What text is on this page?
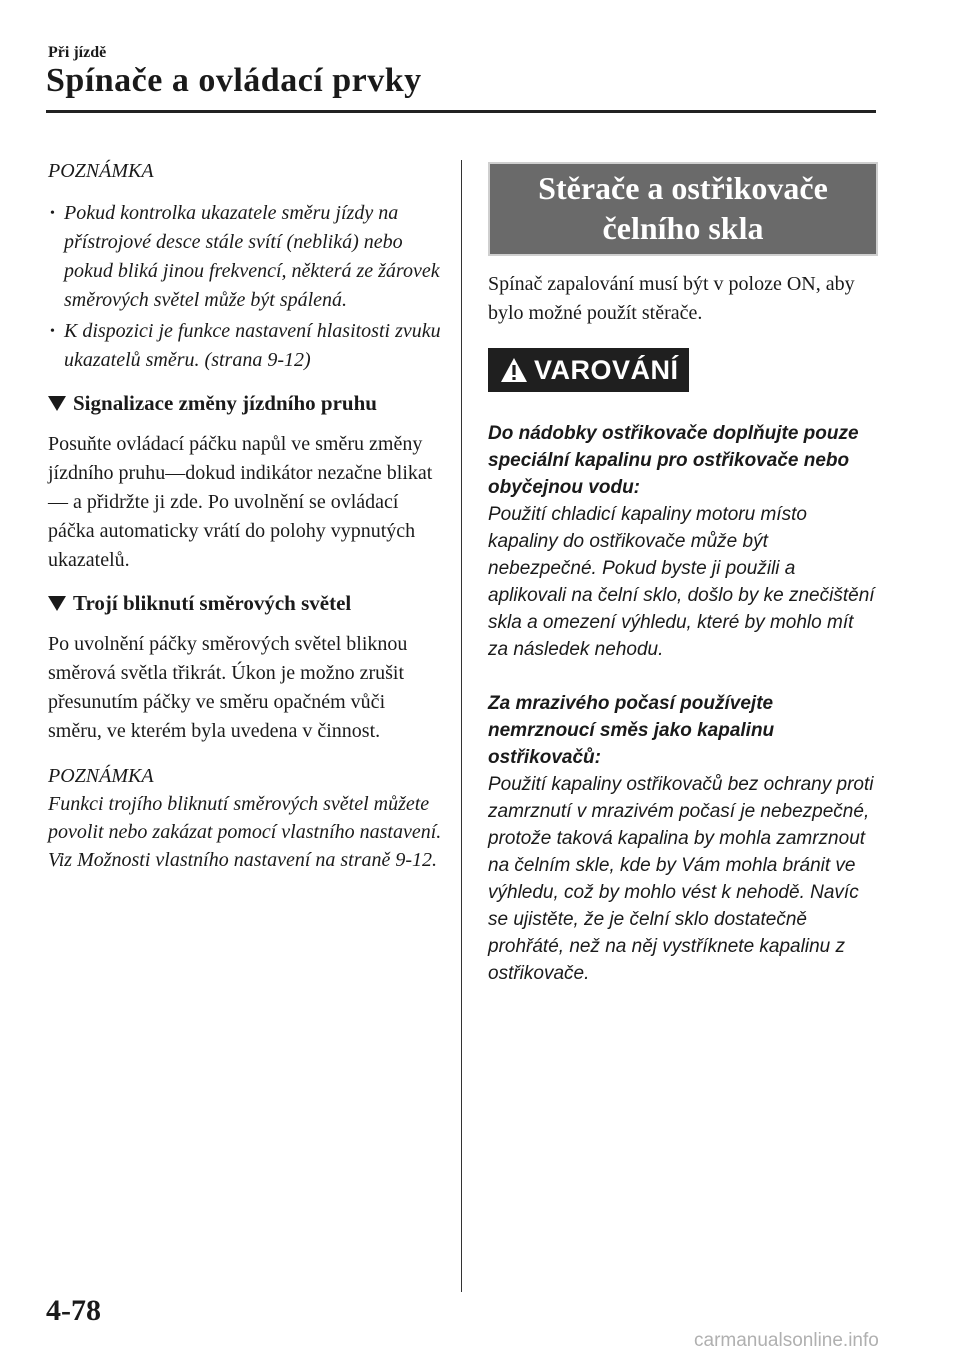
Při jízdě
Spínače a ovládací prvky
POZNÁMKA
• Pokud kontrolka ukazatele směru jízdy na přístrojové desce stále svítí (nebliká) nebo pokud bliká jinou frekvencí, některá ze žárovek směrových světel může být spálená.
• K dispozici je funkce nastavení hlasitosti zvuku ukazatelů směru. (strana 9-12)
Signalizace změny jízdního pruhu

Posuňte ovládací páčku napůl ve směru změny jízdního pruhu—dokud indikátor nezačne blikat— a přidržte ji zde. Po uvolnění se ovládací páčka automaticky vrátí do polohy vypnutých ukazatelů.

Trojí bliknutí směrových světel

Po uvolnění páčky směrových světel bliknou směrová světla třikrát. Úkon je možno zrušit přesunutím páčky ve směru opačném vůči směru, ve kterém byla uvedena v činnost.

POZNÁMKA

Funkci trojího bliknutí směrových světel můžete povolit nebo zakázat pomocí vlastního nastavení.

Viz Možnosti vlastního nastavení na straně 9-12.

Stěrače a ostřikovače
čelního skla

Spínač zapalování musí být v poloze ON, aby bylo možné použít stěrače.

VAROVÁNÍ

Do nádobky ostřikovače doplňujte pouze speciální kapalinu pro ostřikovače nebo obyčejnou vodu:

Použití chladicí kapaliny motoru místo kapaliny do ostřikovače může být nebezpečné. Pokud byste ji použili a aplikovali na čelní sklo, došlo by ke znečištění skla a omezení výhledu, které by mohlo mít za následek nehodu.

Za mrazivého počasí používejte nemrznoucí směs jako kapalinu ostřikovačů:

Použití kapaliny ostřikovačů bez ochrany proti zamrznutí v mrazivém počasí je nebezpečné, protože taková kapalina by mohla zamrznout na čelním skle, kde by Vám mohla bránit ve výhledu, což by mohlo vést k nehodě. Navíc se ujistěte, že je čelní sklo dostatečně prohřáté, než na něj vystříknete kapalinu z ostřikovače.

4-78
carmanualsonline.info
